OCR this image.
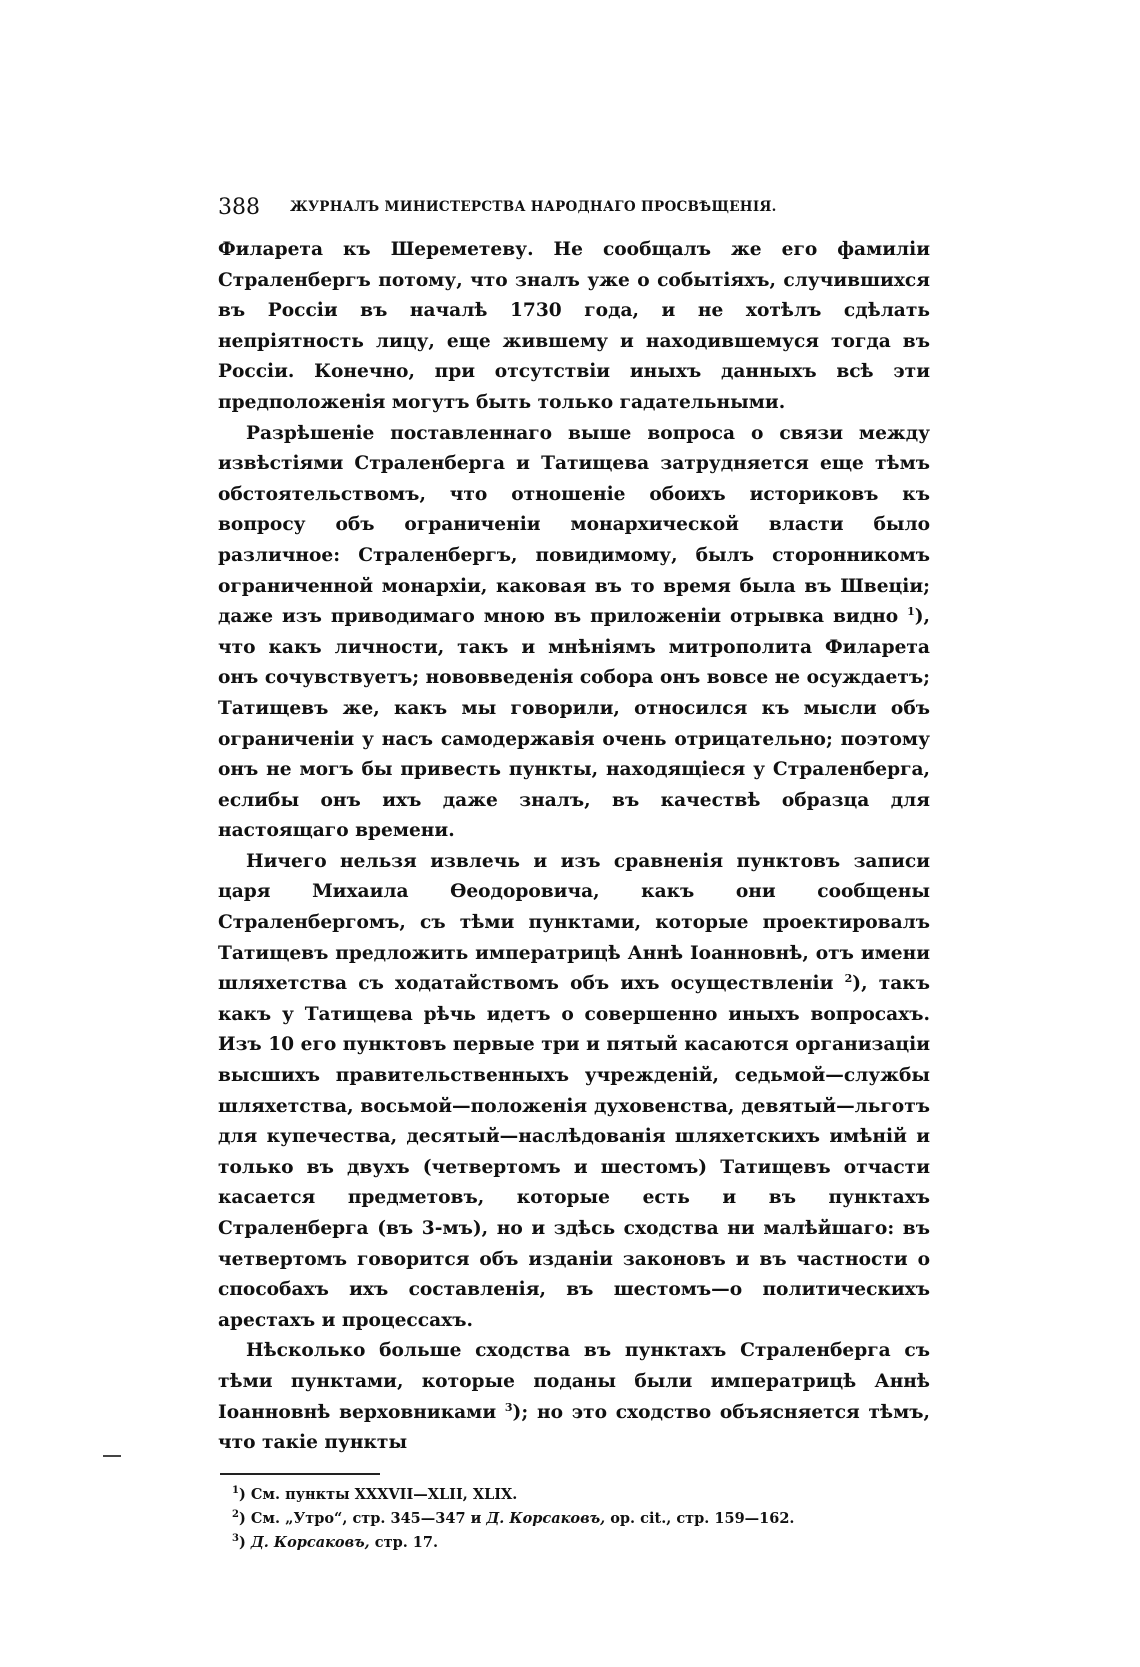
388 ЖУРНАЛЪ МИНИСТЕРСТВА НАРОДНАГО ПРОСВѢЩЕНІЯ.

Филарета къ Шереметеву. Не сообщалъ же его фамиліи Страленбергъ потому, что зналъ уже о событіяхъ, случившихся въ Россіи въ началѣ 1730 года, и не хотѣлъ сдѣлать непріятность лицу, еще жившему и находившемуся тогда въ Россіи. Конечно, при отсутствіи иныхъ данныхъ всѣ эти предположенія могутъ быть только гадательными.

Разрѣшеніе поставленнаго выше вопроса о связи между извѣстіями Страленберга и Татищева затрудняется еще тѣмъ обстоятельствомъ, что отношеніе обоихъ историковъ къ вопросу объ ограниченіи монархической власти было различное: Страленбергъ, повидимому, былъ сторонникомъ ограниченной монархіи, каковая въ то время была въ Швеціи; даже изъ приводимаго мною въ приложеніи отрывка видно $^1$), что какъ личности, такъ и мнѣніямъ митрополита Филарета онъ сочувствуетъ; нововведенія собора онъ вовсе не осуждаетъ; Татищевъ же, какъ мы говорили, относился къ мысли объ ограниченіи у насъ самодержавія очень отрицательно; поэтому онъ не могъ бы привесть пункты, находящіеся у Страленберга, еслибы онъ ихъ даже зналъ, въ качествѣ образца для настоящаго времени.

Ничего нельзя извлечь и изъ сравненія пунктовъ записи царя Михаила Ѳеодоровича, какъ они сообщены Страленбергомъ, съ тѣми пунктами, которые проектировалъ Татищевъ предложить императрицѣ Аннѣ Іоанновнѣ, отъ имени шляхетства съ ходатайствомъ объ ихъ осуществленіи $^2$), такъ какъ у Татищева рѣчь идетъ о совершенно иныхъ вопросахъ. Изъ 10 его пунктовъ первые три и пятый касаются организаціи высшихъ правительственныхъ учрежденій, седьмой—службы шляхетства, восьмой—положенія духовенства, девятый—льготъ для купечества, десятый—наслѣдованія шляхетскихъ имѣній и только въ двухъ (четвертомъ и шестомъ) Татищевъ отчасти касается предметовъ, которые есть и въ пунктахъ Страленберга (въ 3-мъ), но и здѣсь сходства ни малѣйшаго: въ четвертомъ говорится объ изданіи законовъ и въ частности о способахъ ихъ составленія, въ шестомъ—о политическихъ арестахъ и процессахъ.

Нѣсколько больше сходства въ пунктахъ Страленберга съ тѣми пунктами, которые поданы были императрицѣ Аннѣ Іоанновнѣ верховниками $^3$); но это сходство объясняется тѣмъ, что такіе пункты

$^1$) См. пункты XXXVII—XLII, XLIX.
$^2$) См. „Утро“, стр. 345—347 и Д. Корсаковъ, op. cit., стр. 159—162.
$^3$) Д. Корсаковъ, стр. 17.
